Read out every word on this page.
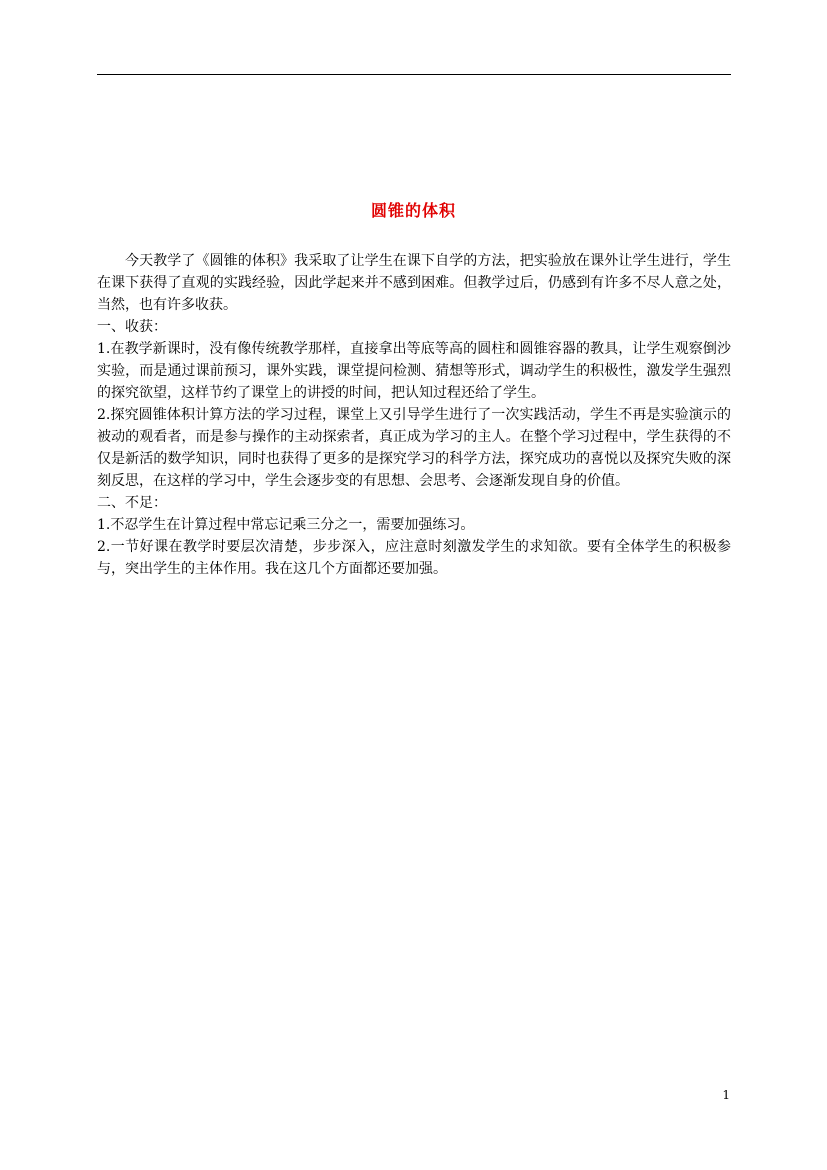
圆锥的体积

今天教学了《圆锥的体积》我采取了让学生在课下自学的方法，把实验放在课外让学生进行，学生在课下获得了直观的实践经验，因此学起来并不感到困难。但教学过后，仍感到有许多不尽人意之处，当然，也有许多收获。

一、收获：

1.在教学新课时，没有像传统教学那样，直接拿出等底等高的圆柱和圆锥容器的教具，让学生观察倒沙实验，而是通过课前预习，课外实践，课堂提问检测、猜想等形式，调动学生的积极性，激发学生强烈的探究欲望，这样节约了课堂上的讲授的时间，把认知过程还给了学生。

2.探究圆锥体积计算方法的学习过程，课堂上又引导学生进行了一次实践活动，学生不再是实验演示的被动的观看者，而是参与操作的主动探索者，真正成为学习的主人。在整个学习过程中，学生获得的不仅是新活的数学知识，同时也获得了更多的是探究学习的科学方法，探究成功的喜悦以及探究失败的深刻反思，在这样的学习中，学生会逐步变的有思想、会思考、会逐渐发现自身的价值。

二、不足：

1.不忍学生在计算过程中常忘记乘三分之一，需要加强练习。

2.一节好课在教学时要层次清楚，步步深入，应注意时刻激发学生的求知欲。要有全体学生的积极参与，突出学生的主体作用。我在这几个方面都还要加强。

1
